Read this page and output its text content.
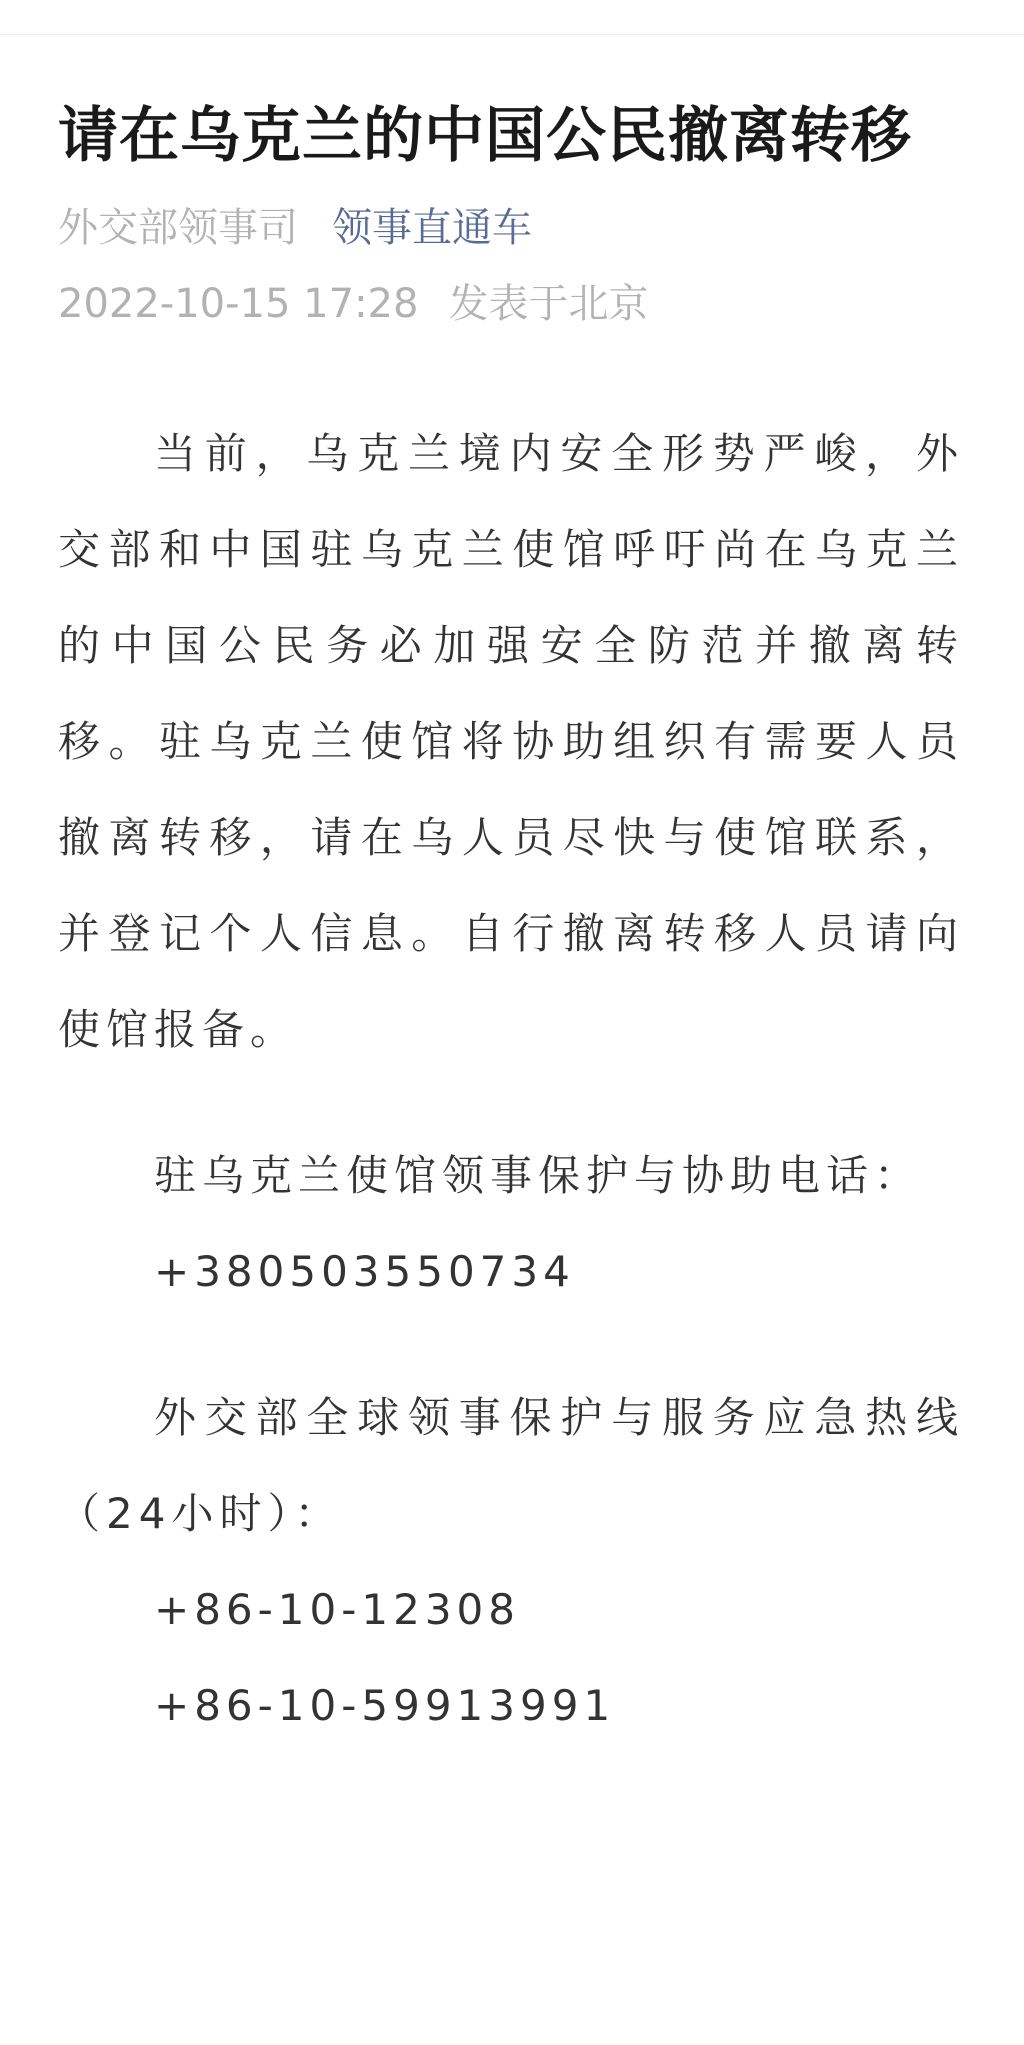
请在乌克兰的中国公民撤离转移
外交部领事司 领事直通车
2022-10-15 17:28 发表于北京

当前，乌克兰境内安全形势严峻，外交部和中国驻乌克兰使馆呼吁尚在乌克兰的中国公民务必加强安全防范并撤离转移。驻乌克兰使馆将协助组织有需要人员撤离转移，请在乌人员尽快与使馆联系，并登记个人信息。自行撤离转移人员请向使馆报备。

驻乌克兰使馆领事保护与协助电话：

+380503550734

外交部全球领事保护与服务应急热线（24小时）：

+86-10-12308

+86-10-59913991
